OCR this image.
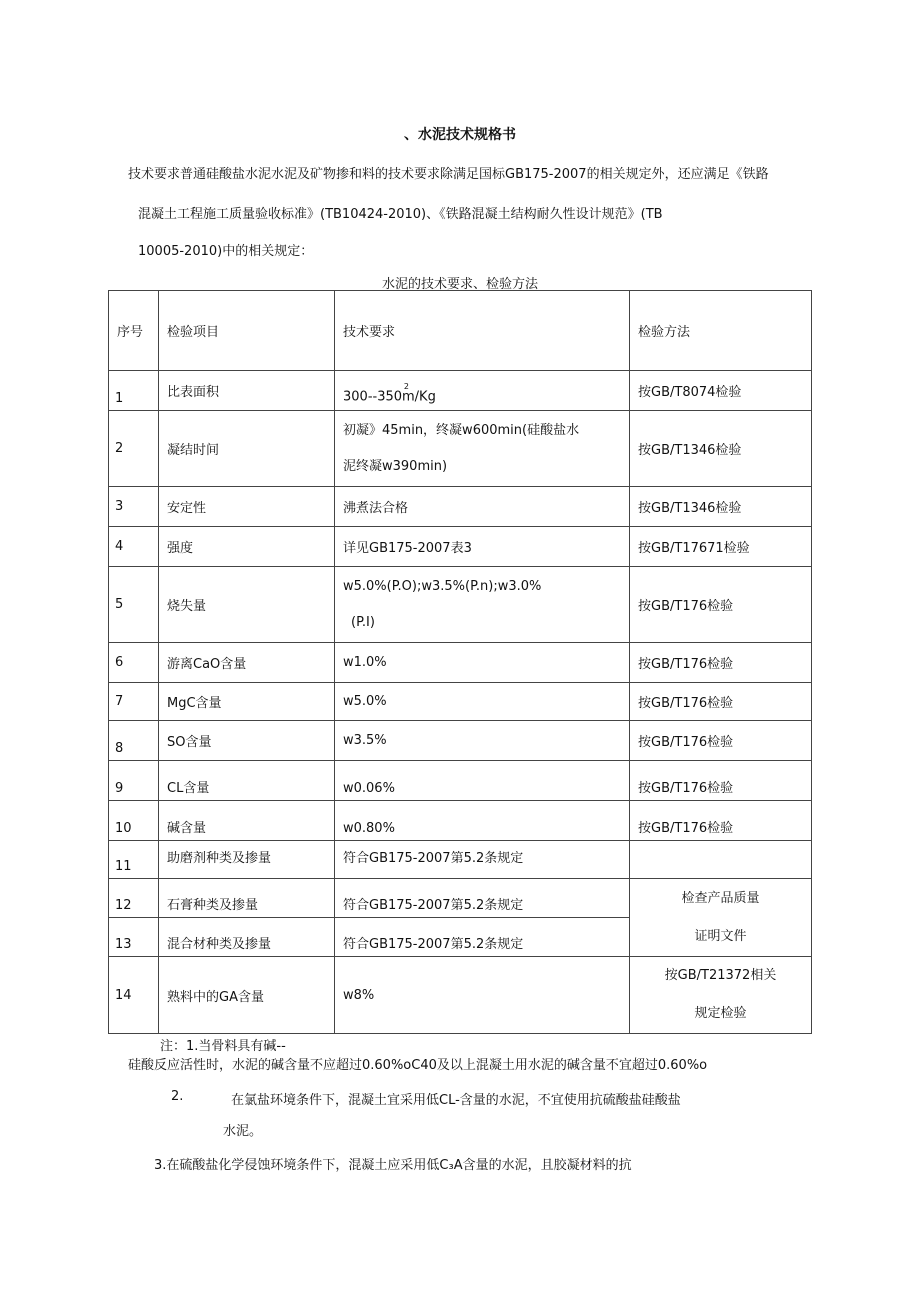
、水泥技术规格书
技术要求普通硅酸盐水泥水泥及矿物掺和料的技术要求除满足国标GB175-2007的相关规定外，还应满足《铁路
混凝土工程施工质量验收标准》(TB10424-2010)、《铁路混凝土结构耐久性设计规范》(TB
10005-2010)中的相关规定：
水泥的技术要求、检验方法
序号	检验项目	技术要求	检验方法
1	比表面积	300--350m/Kg$^2$	按GB/T8074检验
2	凝结时间	初凝》45min，终凝w600min(硅酸盐水
泥终凝w390min)	按GB/T1346检验
3	安定性	沸煮法合格	按GB/T1346检验
4	强度	详见GB175-2007表3	按GB/T17671检验
5	烧失量	w5.0%(P.O);w3.5%(P.n);w3.0%
(P.I)	按GB/T176检验
6	游离CaO含量	w1.0%	按GB/T176检验
7	MgC含量	w5.0%	按GB/T176检验
8	SO含量	w3.5%	按GB/T176检验
9	CL含量	w0.06%	按GB/T176检验
10	碱含量	w0.80%	按GB/T176检验
11	助磨剂种类及掺量	符合GB175-2007第5.2条规定	
12	石膏种类及掺量	符合GB175-2007第5.2条规定	检查产品质量
证明文件

13	混合材种类及掺量	符合GB175-2007第5.2条规定	
14	熟料中的GA含量	w8%	按GB/T21372相关
规定检验
注：1.当骨料具有碱--
硅酸反应活性时，水泥的碱含量不应超过0.60%oC40及以上混凝土用水泥的碱含量不宜超过0.60%o
2.	在氯盐环境条件下，混凝土宜采用低CL-含量的水泥，不宜使用抗硫酸盐硅酸盐
水泥。
3.在硫酸盐化学侵蚀环境条件下，混凝土应采用低C₃A含量的水泥，且胶凝材料的抗
